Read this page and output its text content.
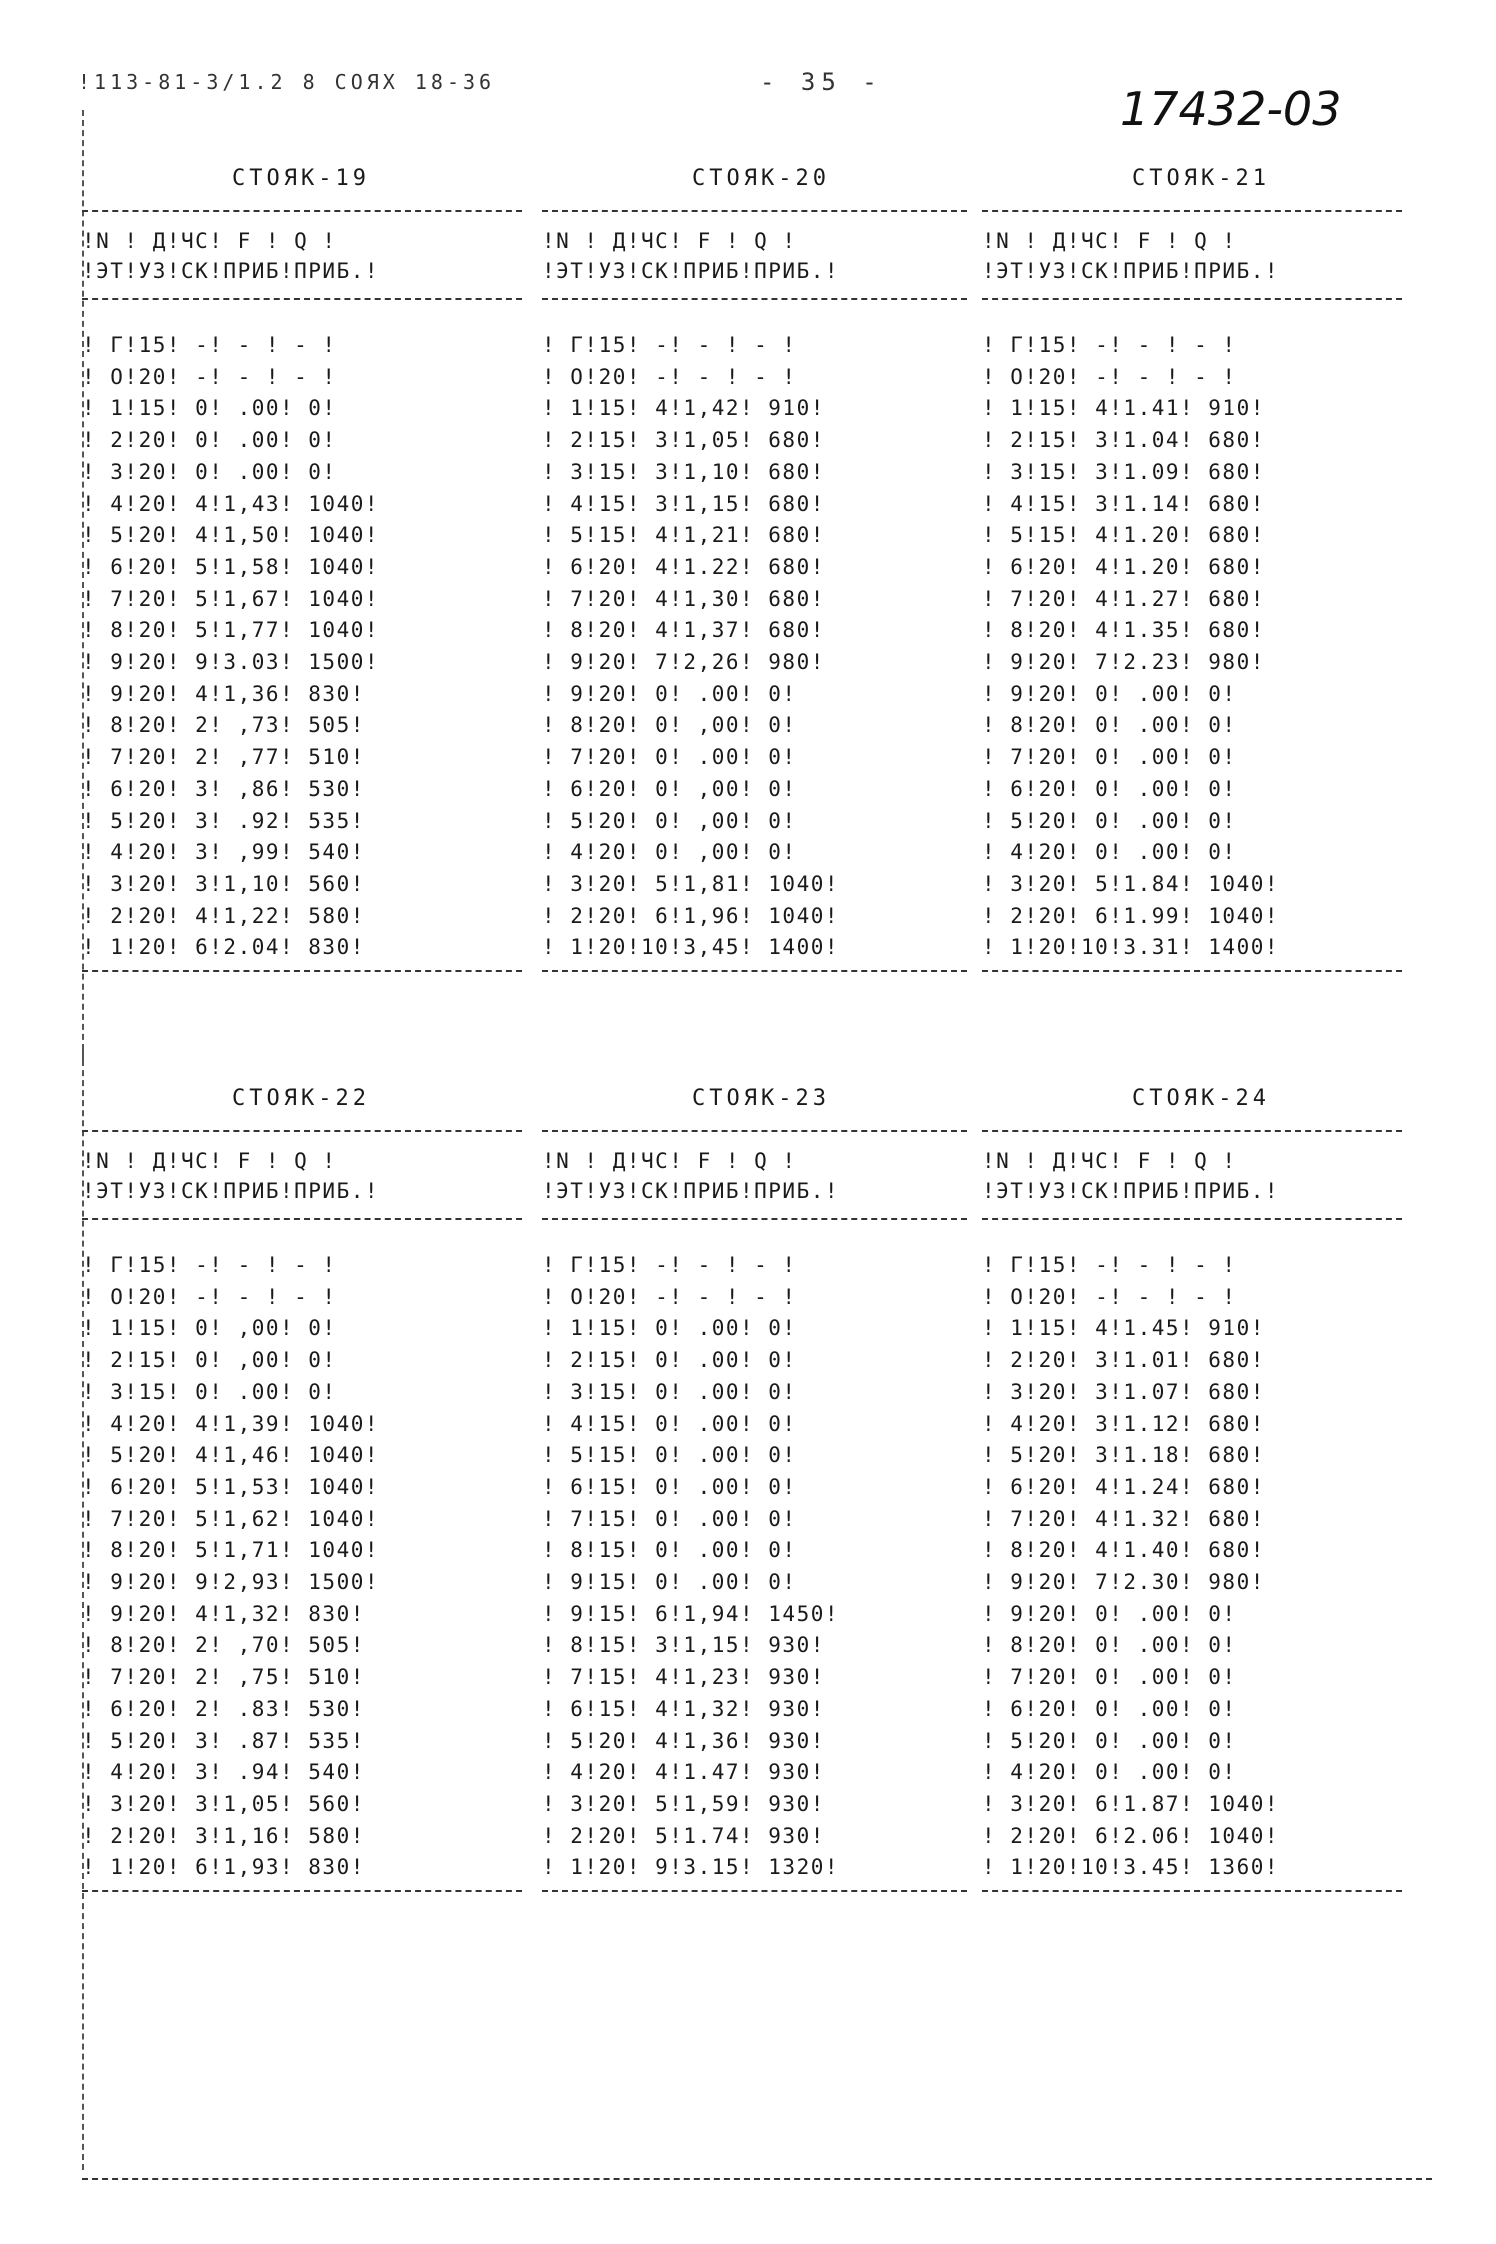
!113-81-3/1.2 8 СОЯХ 18-36	- 35 -	17432-03
СТОЯК-19
!N ! Д!ЧС! F ! Q !
!ЭТ!УЗ!СК!ПРИБ!ПРИБ.!
! Г!15! -! - ! - !
! О!20! -! - ! - !
! 1!15! 0! .00! 0!
! 2!20! 0! .00! 0!
! 3!20! 0! .00! 0!
! 4!20! 4!1,43! 1040!
! 5!20! 4!1,50! 1040!
! 6!20! 5!1,58! 1040!
! 7!20! 5!1,67! 1040!
! 8!20! 5!1,77! 1040!
! 9!20! 9!3.03! 1500!
! 9!20! 4!1,36! 830!
! 8!20! 2! ,73! 505!
! 7!20! 2! ,77! 510!
! 6!20! 3! ,86! 530!
! 5!20! 3! .92! 535!
! 4!20! 3! ,99! 540!
! 3!20! 3!1,10! 560!
! 2!20! 4!1,22! 580!
! 1!20! 6!2.04! 830!
СТОЯК-20
!N ! Д!ЧС! F ! Q !
!ЭТ!УЗ!СК!ПРИБ!ПРИБ.!
! Г!15! -! - ! - !
! О!20! -! - ! - !
! 1!15! 4!1,42! 910!
! 2!15! 3!1,05! 680!
! 3!15! 3!1,10! 680!
! 4!15! 3!1,15! 680!
! 5!15! 4!1,21! 680!
! 6!20! 4!1.22! 680!
! 7!20! 4!1,30! 680!
! 8!20! 4!1,37! 680!
! 9!20! 7!2,26! 980!
! 9!20! 0! .00! 0!
! 8!20! 0! ,00! 0!
! 7!20! 0! .00! 0!
! 6!20! 0! ,00! 0!
! 5!20! 0! ,00! 0!
! 4!20! 0! ,00! 0!
! 3!20! 5!1,81! 1040!
! 2!20! 6!1,96! 1040!
! 1!20!10!3,45! 1400!
СТОЯК-21
!N ! Д!ЧС! F ! Q !
!ЭТ!УЗ!СК!ПРИБ!ПРИБ.!
! Г!15! -! - ! - !
! О!20! -! - ! - !
! 1!15! 4!1.41! 910!
! 2!15! 3!1.04! 680!
! 3!15! 3!1.09! 680!
! 4!15! 3!1.14! 680!
! 5!15! 4!1.20! 680!
! 6!20! 4!1.20! 680!
! 7!20! 4!1.27! 680!
! 8!20! 4!1.35! 680!
! 9!20! 7!2.23! 980!
! 9!20! 0! .00! 0!
! 8!20! 0! .00! 0!
! 7!20! 0! .00! 0!
! 6!20! 0! .00! 0!
! 5!20! 0! .00! 0!
! 4!20! 0! .00! 0!
! 3!20! 5!1.84! 1040!
! 2!20! 6!1.99! 1040!
! 1!20!10!3.31! 1400!
СТОЯК-22
!N ! Д!ЧС! F ! Q !
!ЭТ!УЗ!СК!ПРИБ!ПРИБ.!
! Г!15! -! - ! - !
! О!20! -! - ! - !
! 1!15! 0! ,00! 0!
! 2!15! 0! ,00! 0!
! 3!15! 0! .00! 0!
! 4!20! 4!1,39! 1040!
! 5!20! 4!1,46! 1040!
! 6!20! 5!1,53! 1040!
! 7!20! 5!1,62! 1040!
! 8!20! 5!1,71! 1040!
! 9!20! 9!2,93! 1500!
! 9!20! 4!1,32! 830!
! 8!20! 2! ,70! 505!
! 7!20! 2! ,75! 510!
! 6!20! 2! .83! 530!
! 5!20! 3! .87! 535!
! 4!20! 3! .94! 540!
! 3!20! 3!1,05! 560!
! 2!20! 3!1,16! 580!
! 1!20! 6!1,93! 830!
СТОЯК-23
!N ! Д!ЧС! F ! Q !
!ЭТ!УЗ!СК!ПРИБ!ПРИБ.!
! Г!15! -! - ! - !
! О!20! -! - ! - !
! 1!15! 0! .00! 0!
! 2!15! 0! .00! 0!
! 3!15! 0! .00! 0!
! 4!15! 0! .00! 0!
! 5!15! 0! .00! 0!
! 6!15! 0! .00! 0!
! 7!15! 0! .00! 0!
! 8!15! 0! .00! 0!
! 9!15! 0! .00! 0!
! 9!15! 6!1,94! 1450!
! 8!15! 3!1,15! 930!
! 7!15! 4!1,23! 930!
! 6!15! 4!1,32! 930!
! 5!20! 4!1,36! 930!
! 4!20! 4!1.47! 930!
! 3!20! 5!1,59! 930!
! 2!20! 5!1.74! 930!
! 1!20! 9!3.15! 1320!
СТОЯК-24
!N ! Д!ЧС! F ! Q !
!ЭТ!УЗ!СК!ПРИБ!ПРИБ.!
! Г!15! -! - ! - !
! О!20! -! - ! - !
! 1!15! 4!1.45! 910!
! 2!20! 3!1.01! 680!
! 3!20! 3!1.07! 680!
! 4!20! 3!1.12! 680!
! 5!20! 3!1.18! 680!
! 6!20! 4!1.24! 680!
! 7!20! 4!1.32! 680!
! 8!20! 4!1.40! 680!
! 9!20! 7!2.30! 980!
! 9!20! 0! .00! 0!
! 8!20! 0! .00! 0!
! 7!20! 0! .00! 0!
! 6!20! 0! .00! 0!
! 5!20! 0! .00! 0!
! 4!20! 0! .00! 0!
! 3!20! 6!1.87! 1040!
! 2!20! 6!2.06! 1040!
! 1!20!10!3.45! 1360!
